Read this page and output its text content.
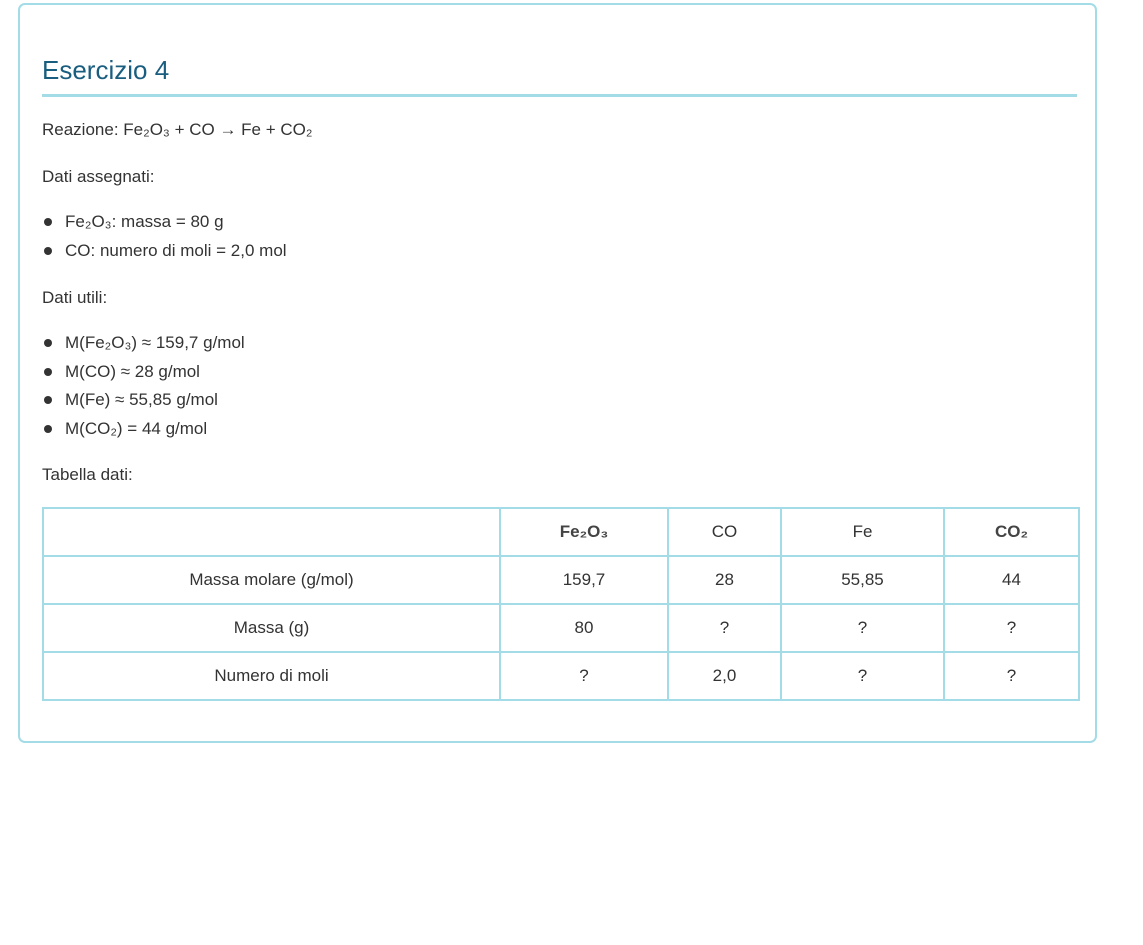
Esercizio 4

Reazione: Fe₂O₃ + CO → Fe + CO₂

Dati assegnati:

Fe₂O₃: massa = 80 g
CO: numero di moli = 2,0 mol

Dati utili:

M(Fe₂O₃) ≈ 159,7 g/mol
M(CO) ≈ 28 g/mol
M(Fe) ≈ 55,85 g/mol
M(CO₂) = 44 g/mol

Tabella dati:

	Fe₂O₃	CO	Fe	CO₂
Massa molare (g/mol)	159,7	28	55,85	44
Massa (g)	80	?	?	?
Numero di moli	?	2,0	?	?
